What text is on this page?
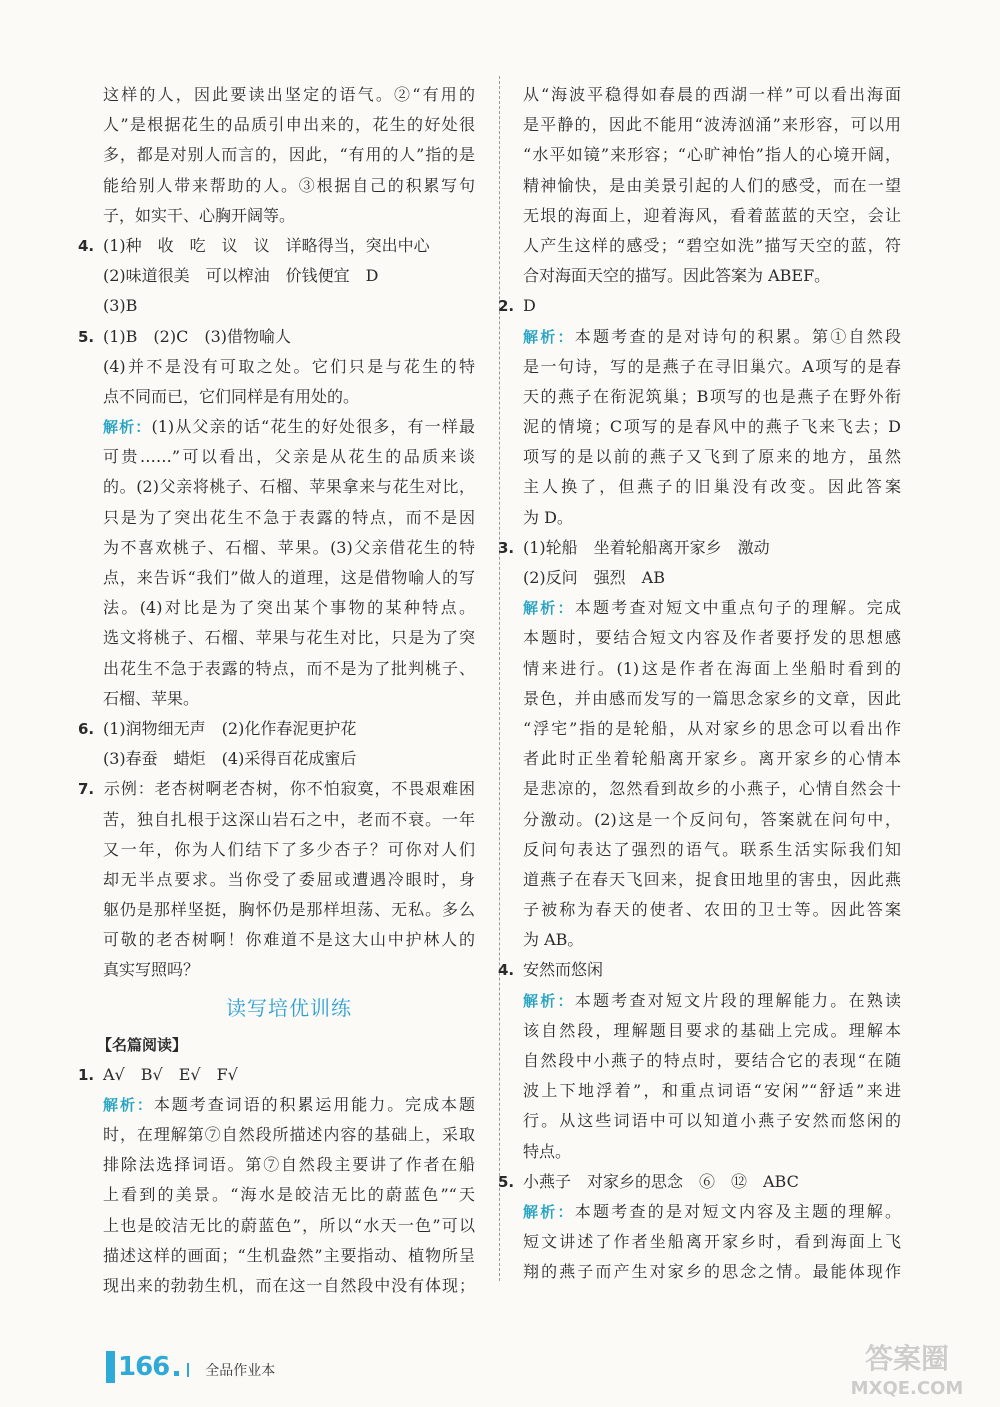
这样的人，因此要读出坚定的语气。②“有用的
人”是根据花生的品质引申出来的，花生的好处很
多，都是对别人而言的，因此，“有用的人”指的是
能给别人带来帮助的人。③根据自己的积累写句
子，如实干、心胸开阔等。
4. (1)种　收　吃　议　议　详略得当，突出中心
(2)味道很美　可以榨油　价钱便宜　D
(3)B
5. (1)B　(2)C　(3)借物喻人
(4)并不是没有可取之处。它们只是与花生的特
点不同而已，它们同样是有用处的。
解析：(1)从父亲的话“花生的好处很多，有一样最
可贵……”可以看出，父亲是从花生的品质来谈
的。(2)父亲将桃子、石榴、苹果拿来与花生对比，
只是为了突出花生不急于表露的特点，而不是因
为不喜欢桃子、石榴、苹果。(3)父亲借花生的特
点，来告诉“我们”做人的道理，这是借物喻人的写
法。(4)对比是为了突出某个事物的某种特点。
选文将桃子、石榴、苹果与花生对比，只是为了突
出花生不急于表露的特点，而不是为了批判桃子、
石榴、苹果。
6. (1)润物细无声　(2)化作春泥更护花
(3)春蚕　蜡炬　(4)采得百花成蜜后
7. 示例：老杏树啊老杏树，你不怕寂寞，不畏艰难困
苦，独自扎根于这深山岩石之中，老而不衰。一年
又一年，你为人们结下了多少杏子？可你对人们
却无半点要求。当你受了委屈或遭遇冷眼时，身
躯仍是那样坚挺，胸怀仍是那样坦荡、无私。多么
可敬的老杏树啊！你难道不是这大山中护林人的
真实写照吗？
读写培优训练
【名篇阅读】
1. A√　B√　E√　F√
解析：本题考查词语的积累运用能力。完成本题
时，在理解第⑦自然段所描述内容的基础上，采取
排除法选择词语。第⑦自然段主要讲了作者在船
上看到的美景。“海水是皎洁无比的蔚蓝色”“天
上也是皎洁无比的蔚蓝色”，所以“水天一色”可以
描述这样的画面；“生机盎然”主要指动、植物所呈
现出来的勃勃生机，而在这一自然段中没有体现；
从“海波平稳得如春晨的西湖一样”可以看出海面
是平静的，因此不能用“波涛汹涌”来形容，可以用
“水平如镜”来形容；“心旷神怡”指人的心境开阔，
精神愉快，是由美景引起的人们的感受，而在一望
无垠的海面上，迎着海风，看着蓝蓝的天空，会让
人产生这样的感受；“碧空如洗”描写天空的蓝，符
合对海面天空的描写。因此答案为 ABEF。
2. D
解析：本题考查的是对诗句的积累。第①自然段
是一句诗，写的是燕子在寻旧巢穴。A项写的是春
天的燕子在衔泥筑巢；B项写的也是燕子在野外衔
泥的情境；C项写的是春风中的燕子飞来飞去；D
项写的是以前的燕子又飞到了原来的地方，虽然
主人换了，但燕子的旧巢没有改变。因此答案
为 D。
3. (1)轮船　坐着轮船离开家乡　激动
(2)反问　强烈　AB
解析：本题考查对短文中重点句子的理解。完成
本题时，要结合短文内容及作者要抒发的思想感
情来进行。(1)这是作者在海面上坐船时看到的
景色，并由感而发写的一篇思念家乡的文章，因此
“浮宅”指的是轮船，从对家乡的思念可以看出作
者此时正坐着轮船离开家乡。离开家乡的心情本
是悲凉的，忽然看到故乡的小燕子，心情自然会十
分激动。(2)这是一个反问句，答案就在问句中，
反问句表达了强烈的语气。联系生活实际我们知
道燕子在春天飞回来，捉食田地里的害虫，因此燕
子被称为春天的使者、农田的卫士等。因此答案
为 AB。
4. 安然而悠闲
解析：本题考查对短文片段的理解能力。在熟读
该自然段，理解题目要求的基础上完成。理解本
自然段中小燕子的特点时，要结合它的表现“在随
波上下地浮着”，和重点词语“安闲”“舒适”来进
行。从这些词语中可以知道小燕子安然而悠闲的
特点。
5. 小燕子　对家乡的思念　⑥　⑫　ABC
解析：本题考查的是对短文内容及主题的理解。
短文讲述了作者坐船离开家乡时，看到海面上飞
翔的燕子而产生对家乡的思念之情。最能体现作
166	全品作业本	答案圈
MXQE.COM
